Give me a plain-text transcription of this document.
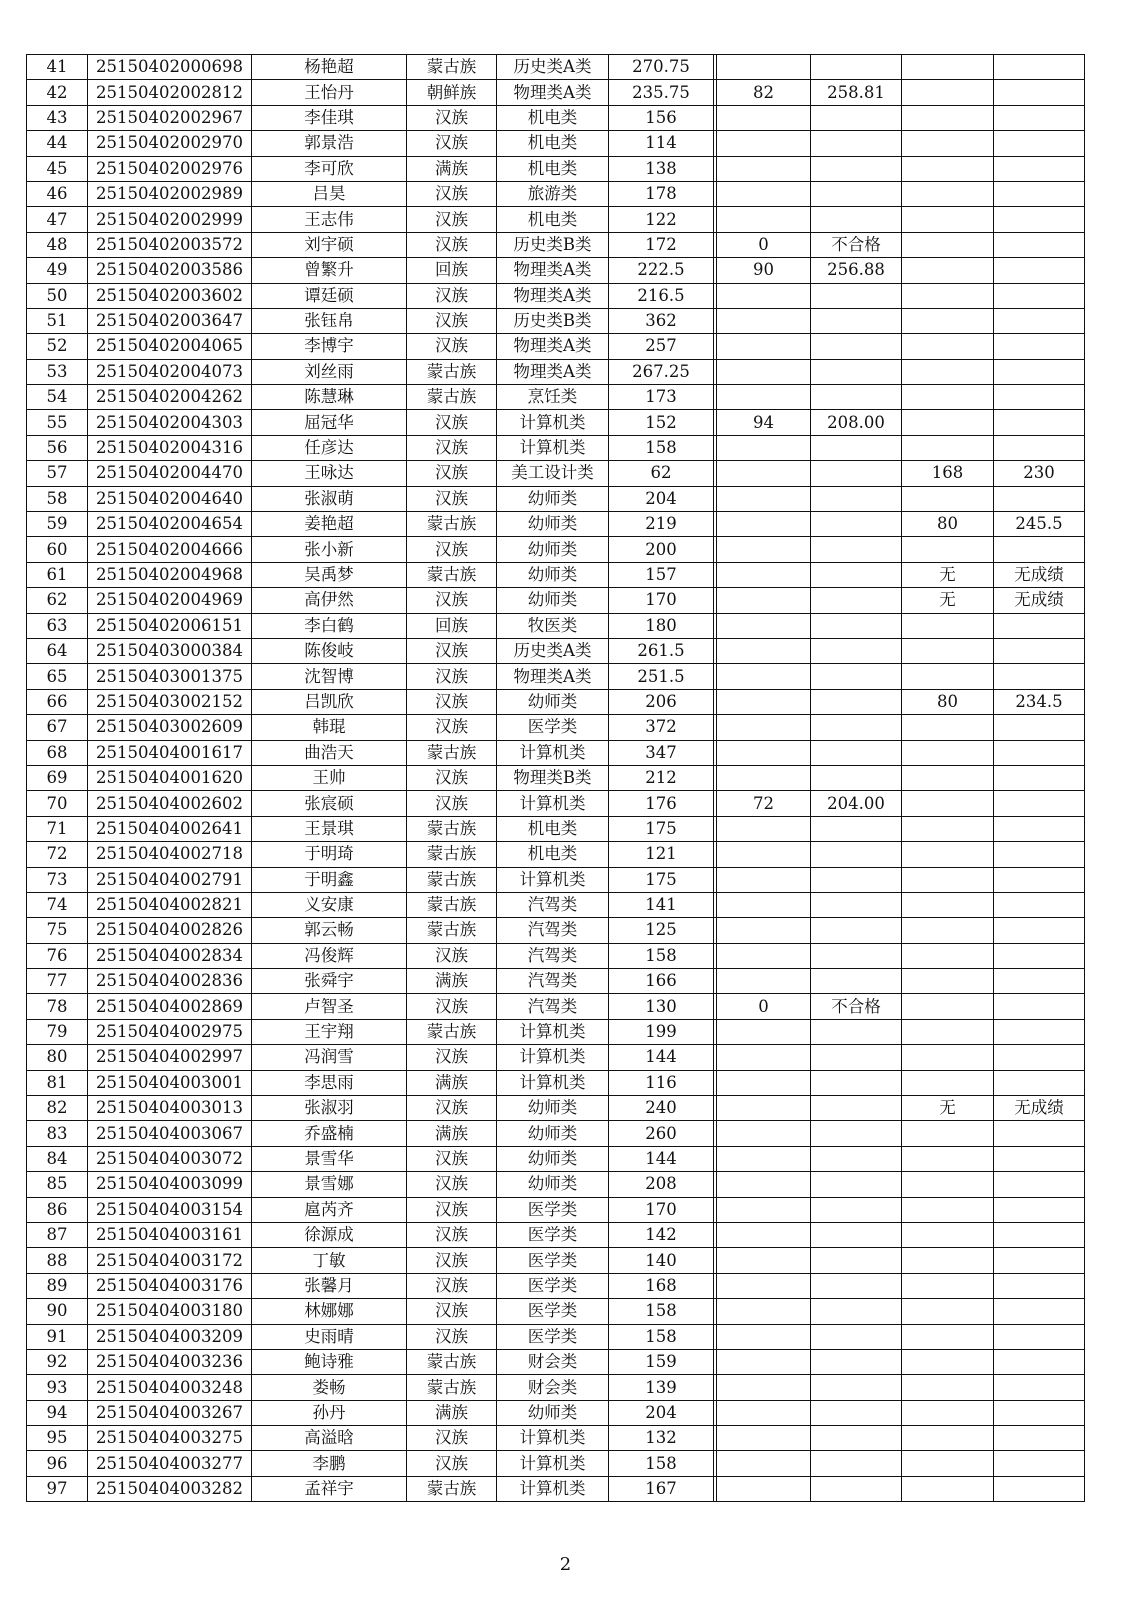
41	25150402000698	杨艳超	蒙古族	历史类A类	270.75					
42	25150402002812	王怡丹	朝鲜族	物理类A类	235.75		82	258.81		
43	25150402002967	李佳琪	汉族	机电类	156					
44	25150402002970	郭景浩	汉族	机电类	114					
45	25150402002976	李可欣	满族	机电类	138					
46	25150402002989	吕昊	汉族	旅游类	178					
47	25150402002999	王志伟	汉族	机电类	122					
48	25150402003572	刘宇硕	汉族	历史类B类	172		0	不合格		
49	25150402003586	曾繁升	回族	物理类A类	222.5		90	256.88		
50	25150402003602	谭廷硕	汉族	物理类A类	216.5					
51	25150402003647	张钰帛	汉族	历史类B类	362					
52	25150402004065	李博宇	汉族	物理类A类	257					
53	25150402004073	刘丝雨	蒙古族	物理类A类	267.25					
54	25150402004262	陈慧琳	蒙古族	烹饪类	173					
55	25150402004303	屈冠华	汉族	计算机类	152		94	208.00		
56	25150402004316	任彦达	汉族	计算机类	158					
57	25150402004470	王咏达	汉族	美工设计类	62				168	230
58	25150402004640	张淑萌	汉族	幼师类	204					
59	25150402004654	姜艳超	蒙古族	幼师类	219				80	245.5
60	25150402004666	张小新	汉族	幼师类	200					
61	25150402004968	吴禹梦	蒙古族	幼师类	157				无	无成绩
62	25150402004969	高伊然	汉族	幼师类	170				无	无成绩
63	25150402006151	李白鹤	回族	牧医类	180					
64	25150403000384	陈俊岐	汉族	历史类A类	261.5					
65	25150403001375	沈智博	汉族	物理类A类	251.5					
66	25150403002152	吕凯欣	汉族	幼师类	206				80	234.5
67	25150403002609	韩琨	汉族	医学类	372					
68	25150404001617	曲浩天	蒙古族	计算机类	347					
69	25150404001620	王帅	汉族	物理类B类	212					
70	25150404002602	张宸硕	汉族	计算机类	176		72	204.00		
71	25150404002641	王景琪	蒙古族	机电类	175					
72	25150404002718	于明琦	蒙古族	机电类	121					
73	25150404002791	于明鑫	蒙古族	计算机类	175					
74	25150404002821	义安康	蒙古族	汽驾类	141					
75	25150404002826	郭云畅	蒙古族	汽驾类	125					
76	25150404002834	冯俊辉	汉族	汽驾类	158					
77	25150404002836	张舜宇	满族	汽驾类	166					
78	25150404002869	卢智圣	汉族	汽驾类	130		0	不合格		
79	25150404002975	王宇翔	蒙古族	计算机类	199					
80	25150404002997	冯润雪	汉族	计算机类	144					
81	25150404003001	李思雨	满族	计算机类	116					
82	25150404003013	张淑羽	汉族	幼师类	240				无	无成绩
83	25150404003067	乔盛楠	满族	幼师类	260					
84	25150404003072	景雪华	汉族	幼师类	144					
85	25150404003099	景雪娜	汉族	幼师类	208					
86	25150404003154	扈芮齐	汉族	医学类	170					
87	25150404003161	徐源成	汉族	医学类	142					
88	25150404003172	丁敏	汉族	医学类	140					
89	25150404003176	张馨月	汉族	医学类	168					
90	25150404003180	林娜娜	汉族	医学类	158					
91	25150404003209	史雨晴	汉族	医学类	158					
92	25150404003236	鲍诗雅	蒙古族	财会类	159					
93	25150404003248	娄畅	蒙古族	财会类	139					
94	25150404003267	孙丹	满族	幼师类	204					
95	25150404003275	高溢晗	汉族	计算机类	132					
96	25150404003277	李鹏	汉族	计算机类	158					
97	25150404003282	孟祥宇	蒙古族	计算机类	167					
2
